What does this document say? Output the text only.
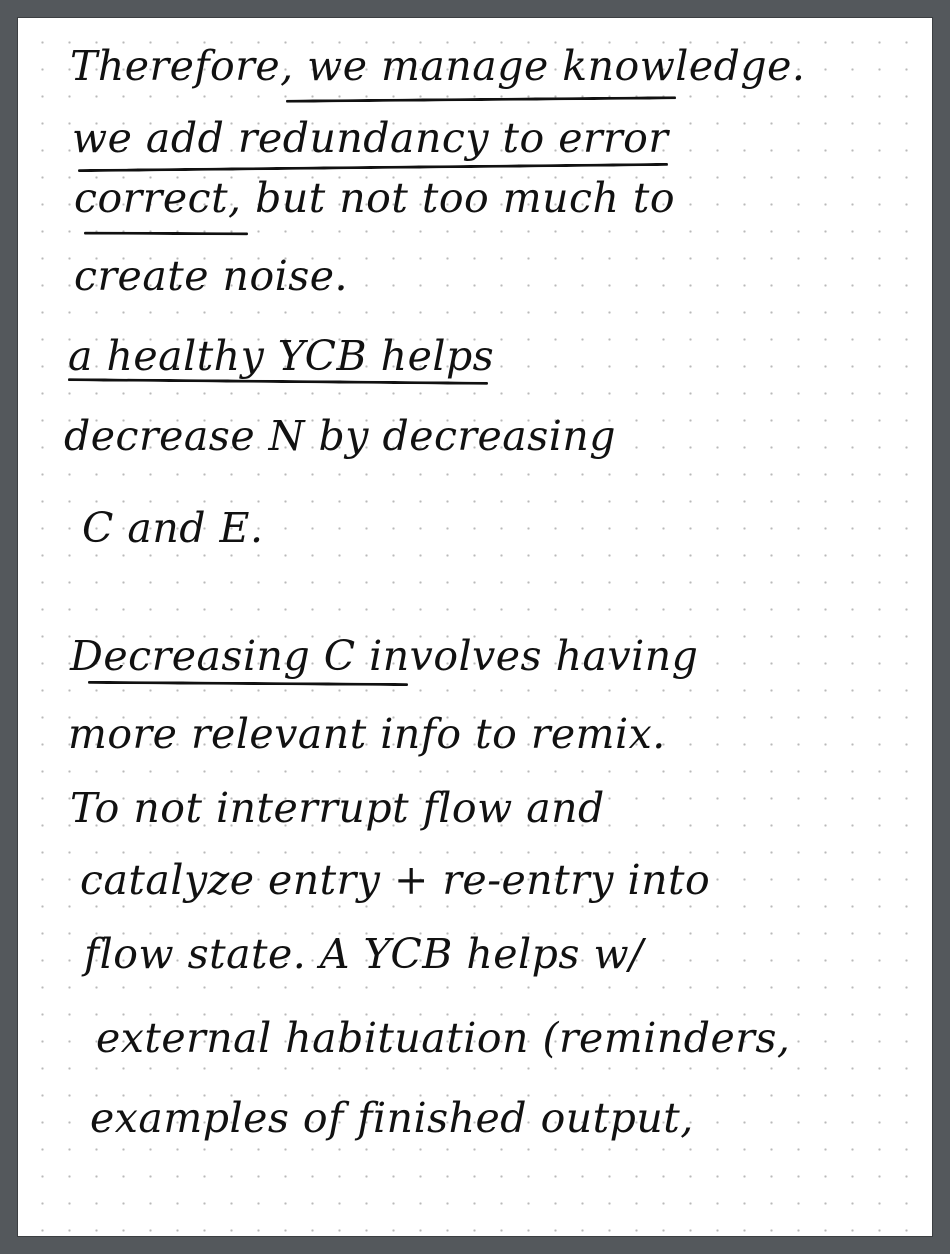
Therefore, we manage knowledge.

we add redundancy to error

correct, but not too much to

create noise.

a healthy YCB helps

decrease N by decreasing

C and E.

Decreasing C involves having

more relevant info to remix.

To not interrupt flow and

catalyze entry + re-entry into

flow state. A YCB helps w/

external habituation (reminders,

examples of finished output,
